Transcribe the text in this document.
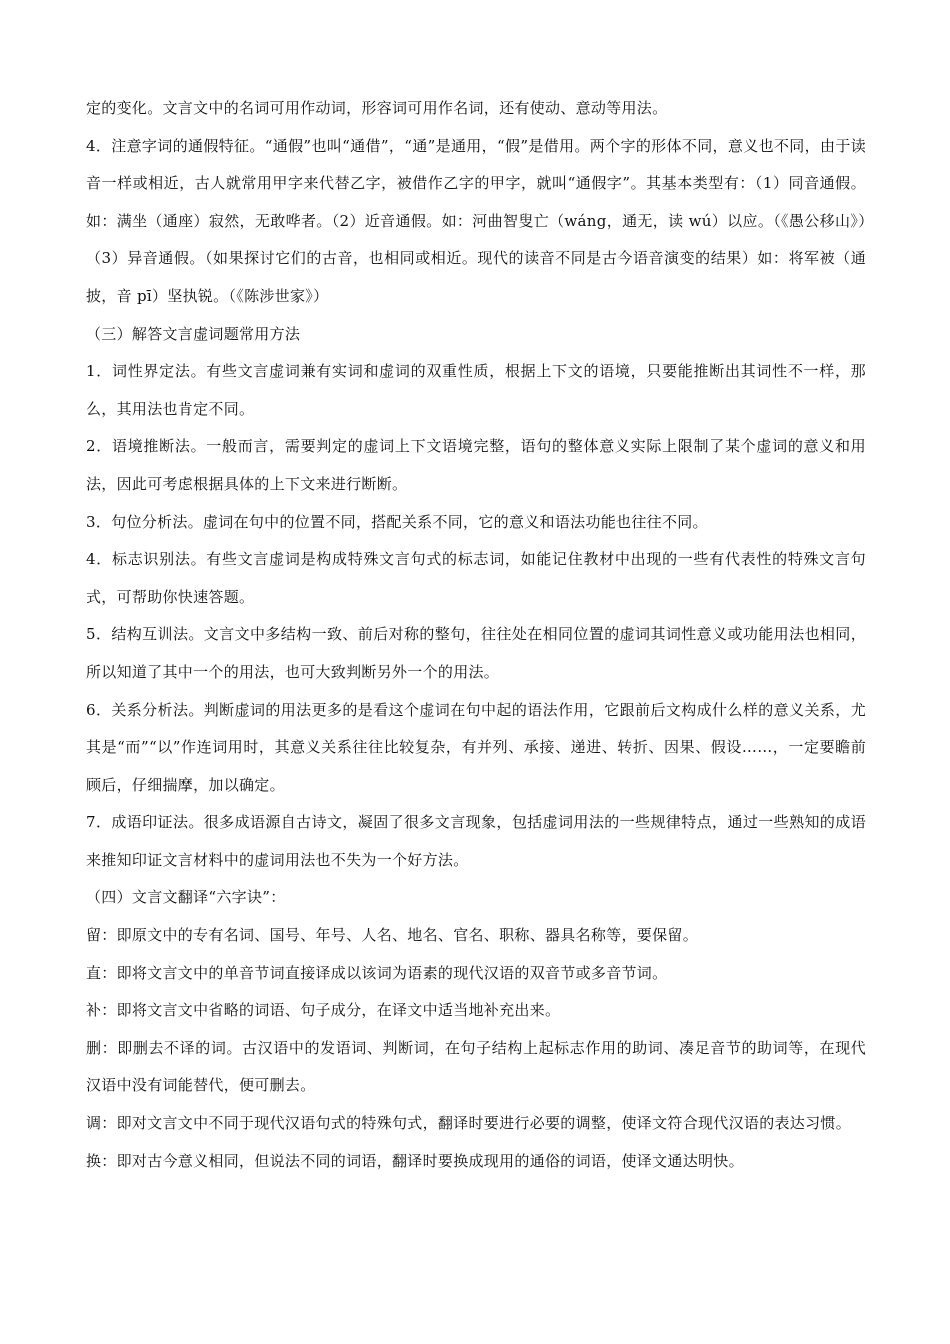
定的变化。文言文中的名词可用作动词，形容词可用作名词，还有使动、意动等用法。

4．注意字词的通假特征。“通假”也叫“通借”，“通”是通用，“假”是借用。两个字的形体不同，意义也不同，由于读音一样或相近，古人就常用甲字来代替乙字，被借作乙字的甲字，就叫“通假字”。其基本类型有：（1）同音通假。如：满坐（通座）寂然，无敢哗者。（2）近音通假。如：河曲智叟亡（wáng，通无，读 wú）以应。（《愚公移山》）（3）异音通假。（如果探讨它们的古音，也相同或相近。现代的读音不同是古今语音演变的结果）如：将军被（通披，音 pī）坚执锐。（《陈涉世家》）

（三）解答文言虚词题常用方法

1．词性界定法。有些文言虚词兼有实词和虚词的双重性质，根据上下文的语境，只要能推断出其词性不一样，那么，其用法也肯定不同。

2．语境推断法。一般而言，需要判定的虚词上下文语境完整，语句的整体意义实际上限制了某个虚词的意义和用法，因此可考虑根据具体的上下文来进行断断。

3．句位分析法。虚词在句中的位置不同，搭配关系不同，它的意义和语法功能也往往不同。

4．标志识别法。有些文言虚词是构成特殊文言句式的标志词，如能记住教材中出现的一些有代表性的特殊文言句式，可帮助你快速答题。

5．结构互训法。文言文中多结构一致、前后对称的整句，往往处在相同位置的虚词其词性意义或功能用法也相同，所以知道了其中一个的用法，也可大致判断另外一个的用法。

6．关系分析法。判断虚词的用法更多的是看这个虚词在句中起的语法作用，它跟前后文构成什么样的意义关系，尤其是“而”“以”作连词用时，其意义关系往往比较复杂，有并列、承接、递进、转折、因果、假设……，一定要瞻前顾后，仔细揣摩，加以确定。

7．成语印证法。很多成语源自古诗文，凝固了很多文言现象，包括虚词用法的一些规律特点，通过一些熟知的成语来推知印证文言材料中的虚词用法也不失为一个好方法。

（四）文言文翻译“六字诀”：

留：即原文中的专有名词、国号、年号、人名、地名、官名、职称、器具名称等，要保留。

直：即将文言文中的单音节词直接译成以该词为语素的现代汉语的双音节或多音节词。

补：即将文言文中省略的词语、句子成分，在译文中适当地补充出来。

删：即删去不译的词。古汉语中的发语词、判断词，在句子结构上起标志作用的助词、凑足音节的助词等，在现代汉语中没有词能替代，便可删去。

调：即对文言文中不同于现代汉语句式的特殊句式，翻译时要进行必要的调整，使译文符合现代汉语的表达习惯。

换：即对古今意义相同，但说法不同的词语，翻译时要换成现用的通俗的词语，使译文通达明快。
